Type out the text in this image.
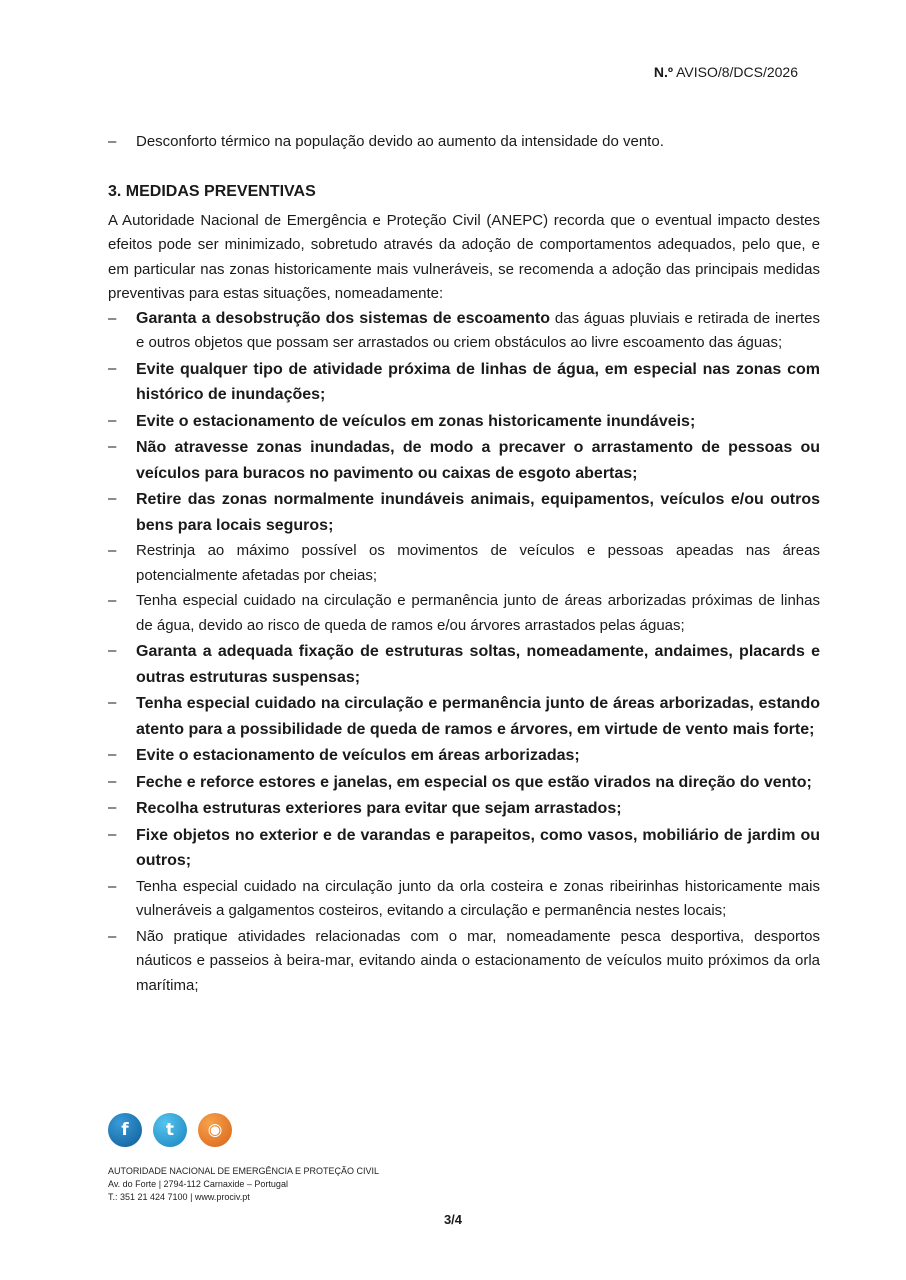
N.º AVISO/8/DCS/2026
–	Desconforto térmico na população devido ao aumento da intensidade do vento.
3. MEDIDAS PREVENTIVAS
A Autoridade Nacional de Emergência e Proteção Civil (ANEPC) recorda que o eventual impacto destes efeitos pode ser minimizado, sobretudo através da adoção de comportamentos adequados, pelo que, e em particular nas zonas historicamente mais vulneráveis, se recomenda a adoção das principais medidas preventivas para estas situações, nomeadamente:
–	Garanta a desobstrução dos sistemas de escoamento das águas pluviais e retirada de inertes e outros objetos que possam ser arrastados ou criem obstáculos ao livre escoamento das águas;
–	Evite qualquer tipo de atividade próxima de linhas de água, em especial nas zonas com histórico de inundações;
–	Evite o estacionamento de veículos em zonas historicamente inundáveis;
–	Não atravesse zonas inundadas, de modo a precaver o arrastamento de pessoas ou veículos para buracos no pavimento ou caixas de esgoto abertas;
–	Retire das zonas normalmente inundáveis animais, equipamentos, veículos e/ou outros bens para locais seguros;
–	Restrinja ao máximo possível os movimentos de veículos e pessoas apeadas nas áreas potencialmente afetadas por cheias;
–	Tenha especial cuidado na circulação e permanência junto de áreas arborizadas próximas de linhas de água, devido ao risco de queda de ramos e/ou árvores arrastados pelas águas;
–	Garanta a adequada fixação de estruturas soltas, nomeadamente, andaimes, placards e outras estruturas suspensas;
–	Tenha especial cuidado na circulação e permanência junto de áreas arborizadas, estando atento para a possibilidade de queda de ramos e árvores, em virtude de vento mais forte;
–	Evite o estacionamento de veículos em áreas arborizadas;
–	Feche e reforce estores e janelas, em especial os que estão virados na direção do vento;
–	Recolha estruturas exteriores para evitar que sejam arrastados;
–	Fixe objetos no exterior e de varandas e parapeitos, como vasos, mobiliário de jardim ou outros;
–	Tenha especial cuidado na circulação junto da orla costeira e zonas ribeirinhas historicamente mais vulneráveis a galgamentos costeiros, evitando a circulação e permanência nestes locais;
–	Não pratique atividades relacionadas com o mar, nomeadamente pesca desportiva, desportos náuticos e passeios à beira-mar, evitando ainda o estacionamento de veículos muito próximos da orla marítima;
f	t	◉
AUTORIDADE NACIONAL DE EMERGÊNCIA E PROTEÇÃO CIVIL
Av. do Forte | 2794-112 Carnaxide – Portugal
T.: 351 21 424 7100 | www.prociv.pt
3/4
